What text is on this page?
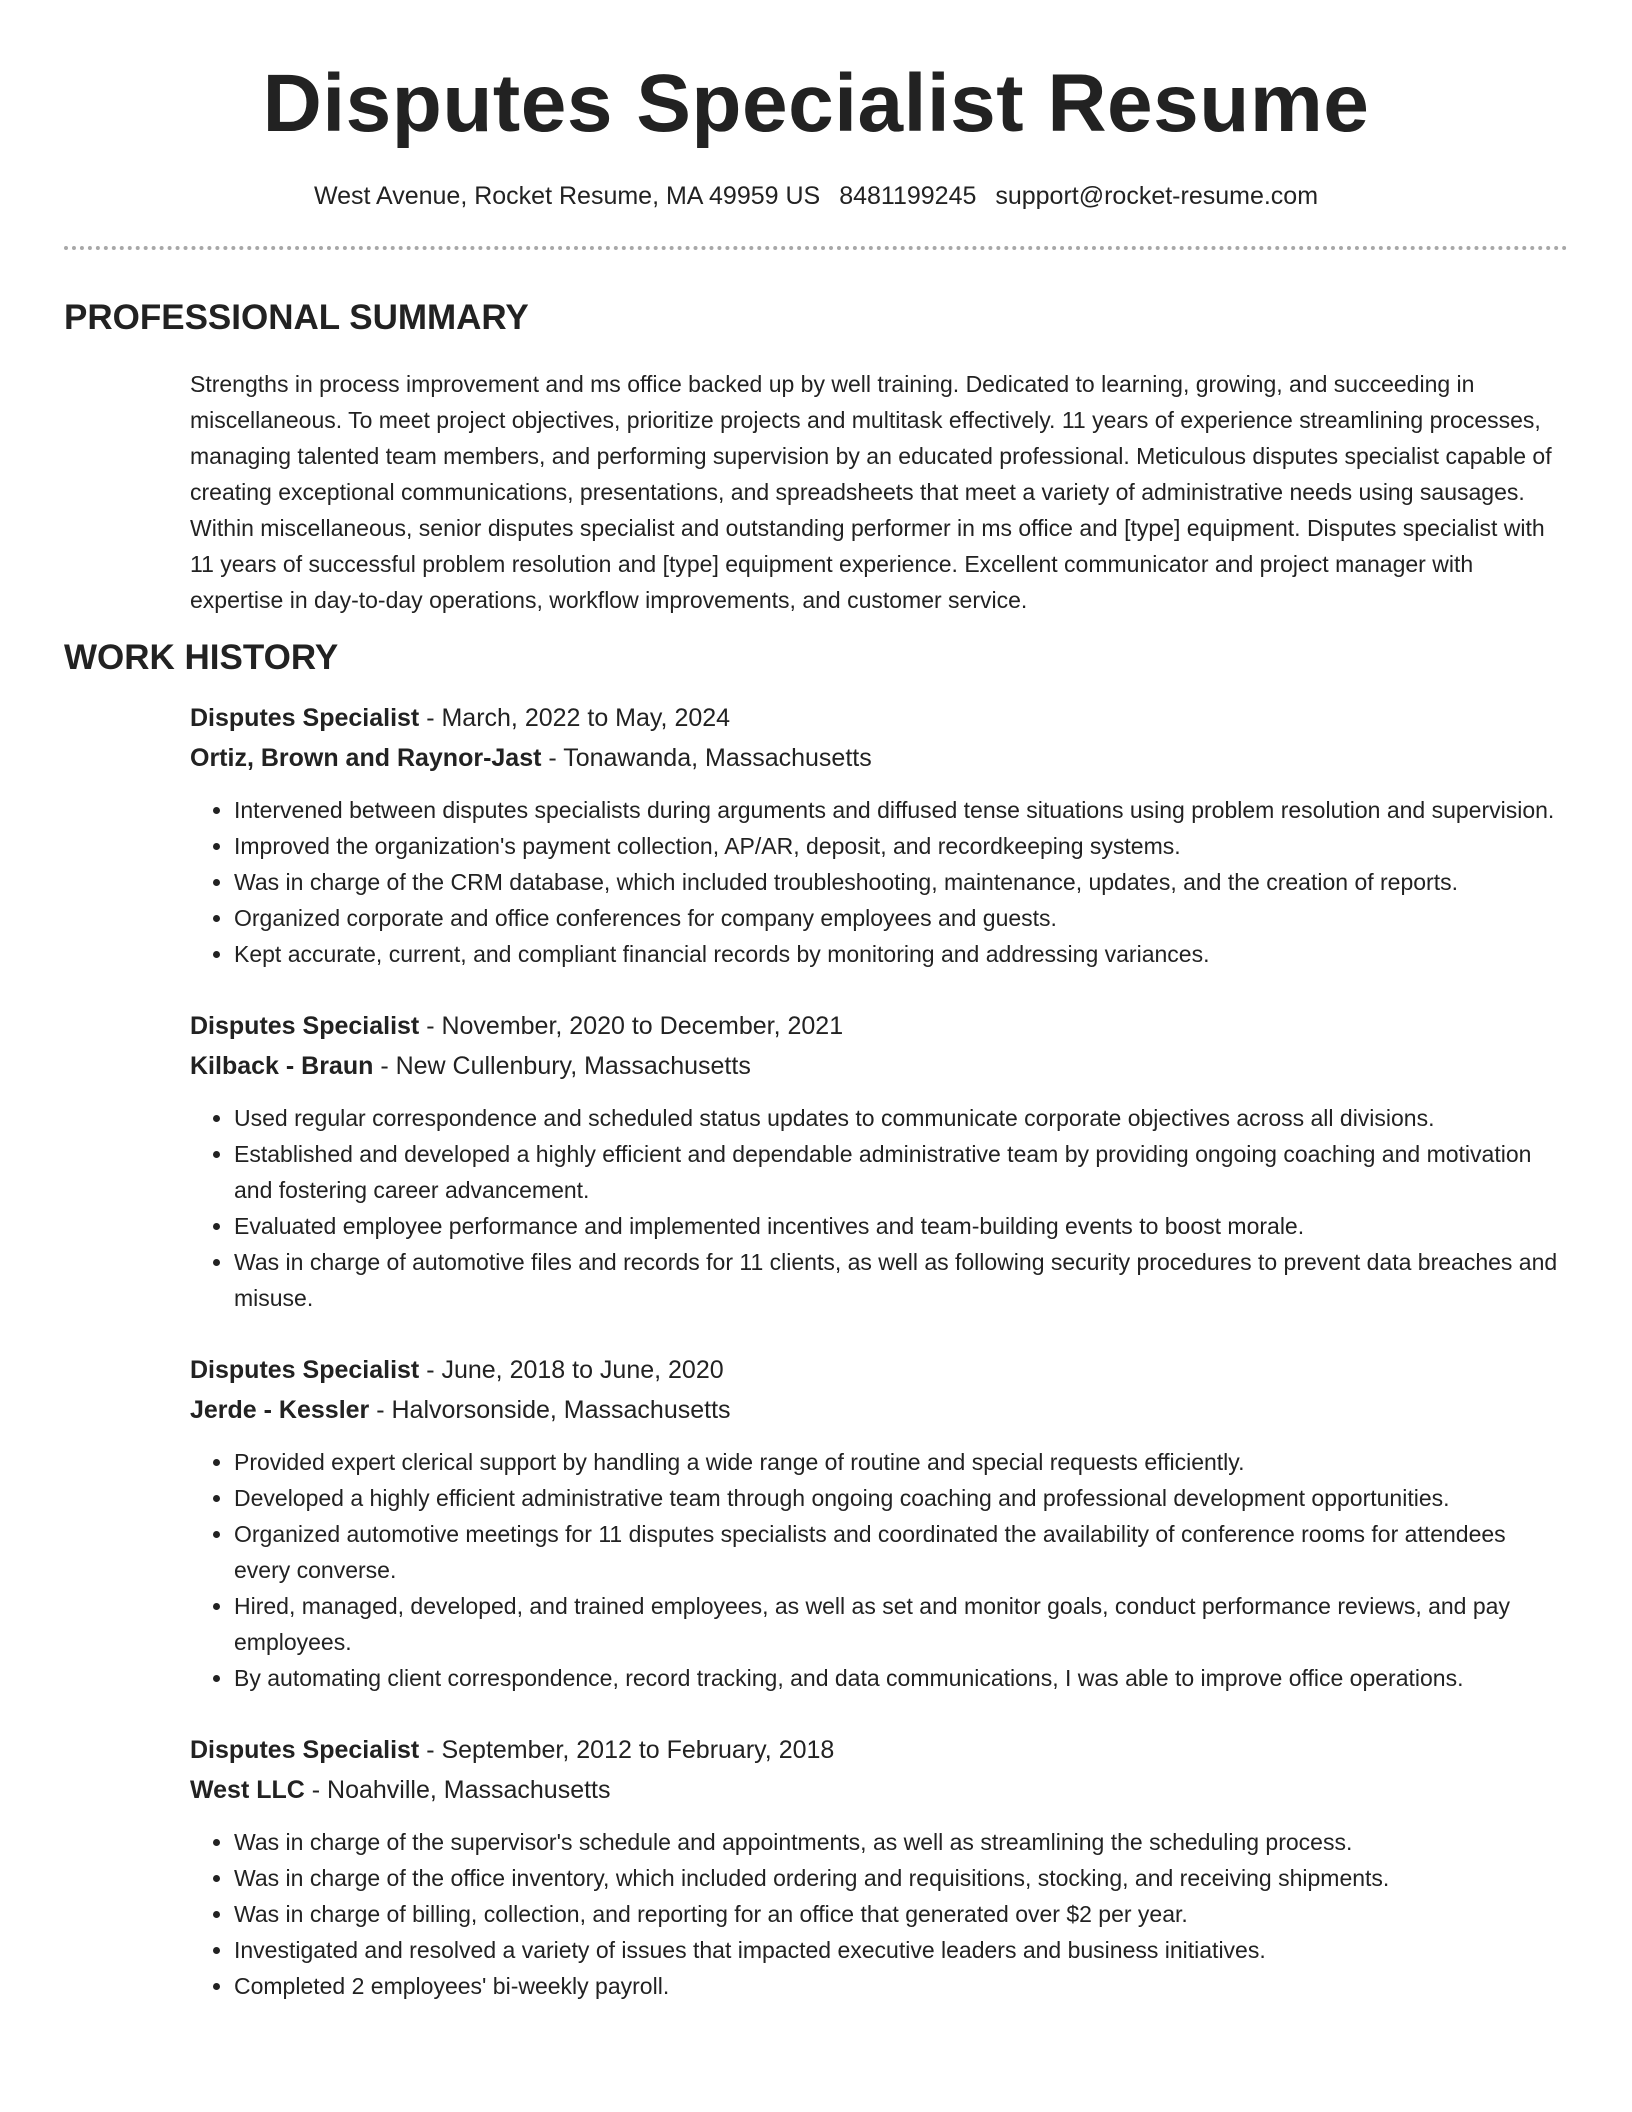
Disputes Specialist Resume
West Avenue, Rocket Resume, MA 49959 US 8481199245 support@rocket-resume.com
PROFESSIONAL SUMMARY

Strengths in process improvement and ms office backed up by well training. Dedicated to learning, growing, and succeeding in miscellaneous. To meet project objectives, prioritize projects and multitask effectively. 11 years of experience streamlining processes, managing talented team members, and performing supervision by an educated professional. Meticulous disputes specialist capable of creating exceptional communications, presentations, and spreadsheets that meet a variety of administrative needs using sausages. Within miscellaneous, senior disputes specialist and outstanding performer in ms office and [type] equipment. Disputes specialist with 11 years of successful problem resolution and [type] equipment experience. Excellent communicator and project manager with expertise in day-to-day operations, workflow improvements, and customer service.

WORK HISTORY
Disputes Specialist - March, 2022 to May, 2024
Ortiz, Brown and Raynor-Jast - Tonawanda, Massachusetts
• Intervened between disputes specialists during arguments and diffused tense situations using problem resolution and supervision.
• Improved the organization's payment collection, AP/AR, deposit, and recordkeeping systems.
• Was in charge of the CRM database, which included troubleshooting, maintenance, updates, and the creation of reports.
• Organized corporate and office conferences for company employees and guests.
• Kept accurate, current, and compliant financial records by monitoring and addressing variances.
Disputes Specialist - November, 2020 to December, 2021
Kilback - Braun - New Cullenbury, Massachusetts
• Used regular correspondence and scheduled status updates to communicate corporate objectives across all divisions.
• Established and developed a highly efficient and dependable administrative team by providing ongoing coaching and motivation and fostering career advancement.
• Evaluated employee performance and implemented incentives and team-building events to boost morale.
• Was in charge of automotive files and records for 11 clients, as well as following security procedures to prevent data breaches and misuse.
Disputes Specialist - June, 2018 to June, 2020
Jerde - Kessler - Halvorsonside, Massachusetts
• Provided expert clerical support by handling a wide range of routine and special requests efficiently.
• Developed a highly efficient administrative team through ongoing coaching and professional development opportunities.
• Organized automotive meetings for 11 disputes specialists and coordinated the availability of conference rooms for attendees every converse.
• Hired, managed, developed, and trained employees, as well as set and monitor goals, conduct performance reviews, and pay employees.
• By automating client correspondence, record tracking, and data communications, I was able to improve office operations.
Disputes Specialist - September, 2012 to February, 2018
West LLC - Noahville, Massachusetts
• Was in charge of the supervisor's schedule and appointments, as well as streamlining the scheduling process.
• Was in charge of the office inventory, which included ordering and requisitions, stocking, and receiving shipments.
• Was in charge of billing, collection, and reporting for an office that generated over $2 per year.
• Investigated and resolved a variety of issues that impacted executive leaders and business initiatives.
• Completed 2 employees' bi-weekly payroll.
